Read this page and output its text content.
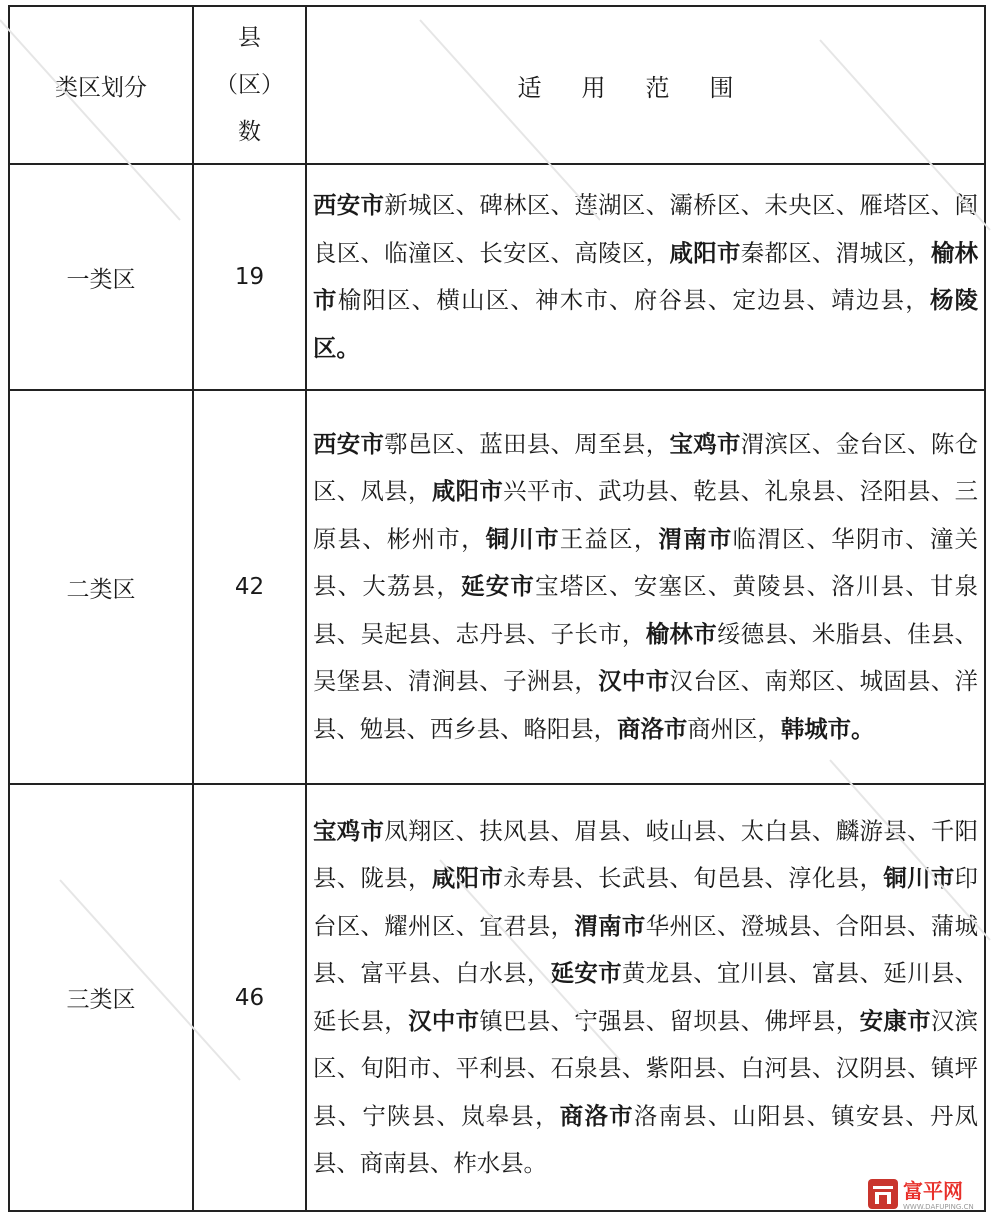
类区划分	县
（区）
数	适用范围
一类区	19	西安市新城区、碑林区、莲湖区、灞桥区、未央区、雁塔区、阎良区、临潼区、长安区、高陵区，咸阳市秦都区、渭城区，榆林市榆阳区、横山区、神木市、府谷县、定边县、靖边县，杨陵区。
二类区	42	西安市鄠邑区、蓝田县、周至县，宝鸡市渭滨区、金台区、陈仓区、凤县，咸阳市兴平市、武功县、乾县、礼泉县、泾阳县、三原县、彬州市，铜川市王益区，渭南市临渭区、华阴市、潼关县、大荔县，延安市宝塔区、安塞区、黄陵县、洛川县、甘泉县、吴起县、志丹县、子长市，榆林市绥德县、米脂县、佳县、吴堡县、清涧县、子洲县，汉中市汉台区、南郑区、城固县、洋县、勉县、西乡县、略阳县，商洛市商州区，韩城市。
三类区	46	宝鸡市凤翔区、扶风县、眉县、岐山县、太白县、麟游县、千阳县、陇县，咸阳市永寿县、长武县、旬邑县、淳化县，铜川市印台区、耀州区、宜君县，渭南市华州区、澄城县、合阳县、蒲城县、富平县、白水县，延安市黄龙县、宜川县、富县、延川县、延长县，汉中市镇巴县、宁强县、留坝县、佛坪县，安康市汉滨区、旬阳市、平利县、石泉县、紫阳县、白河县、汉阴县、镇坪县、宁陕县、岚皋县，商洛市洛南县、山阳县、镇安县、丹凤县、商南县、柞水县。
富平网
WWW.DAFUPING.CN
